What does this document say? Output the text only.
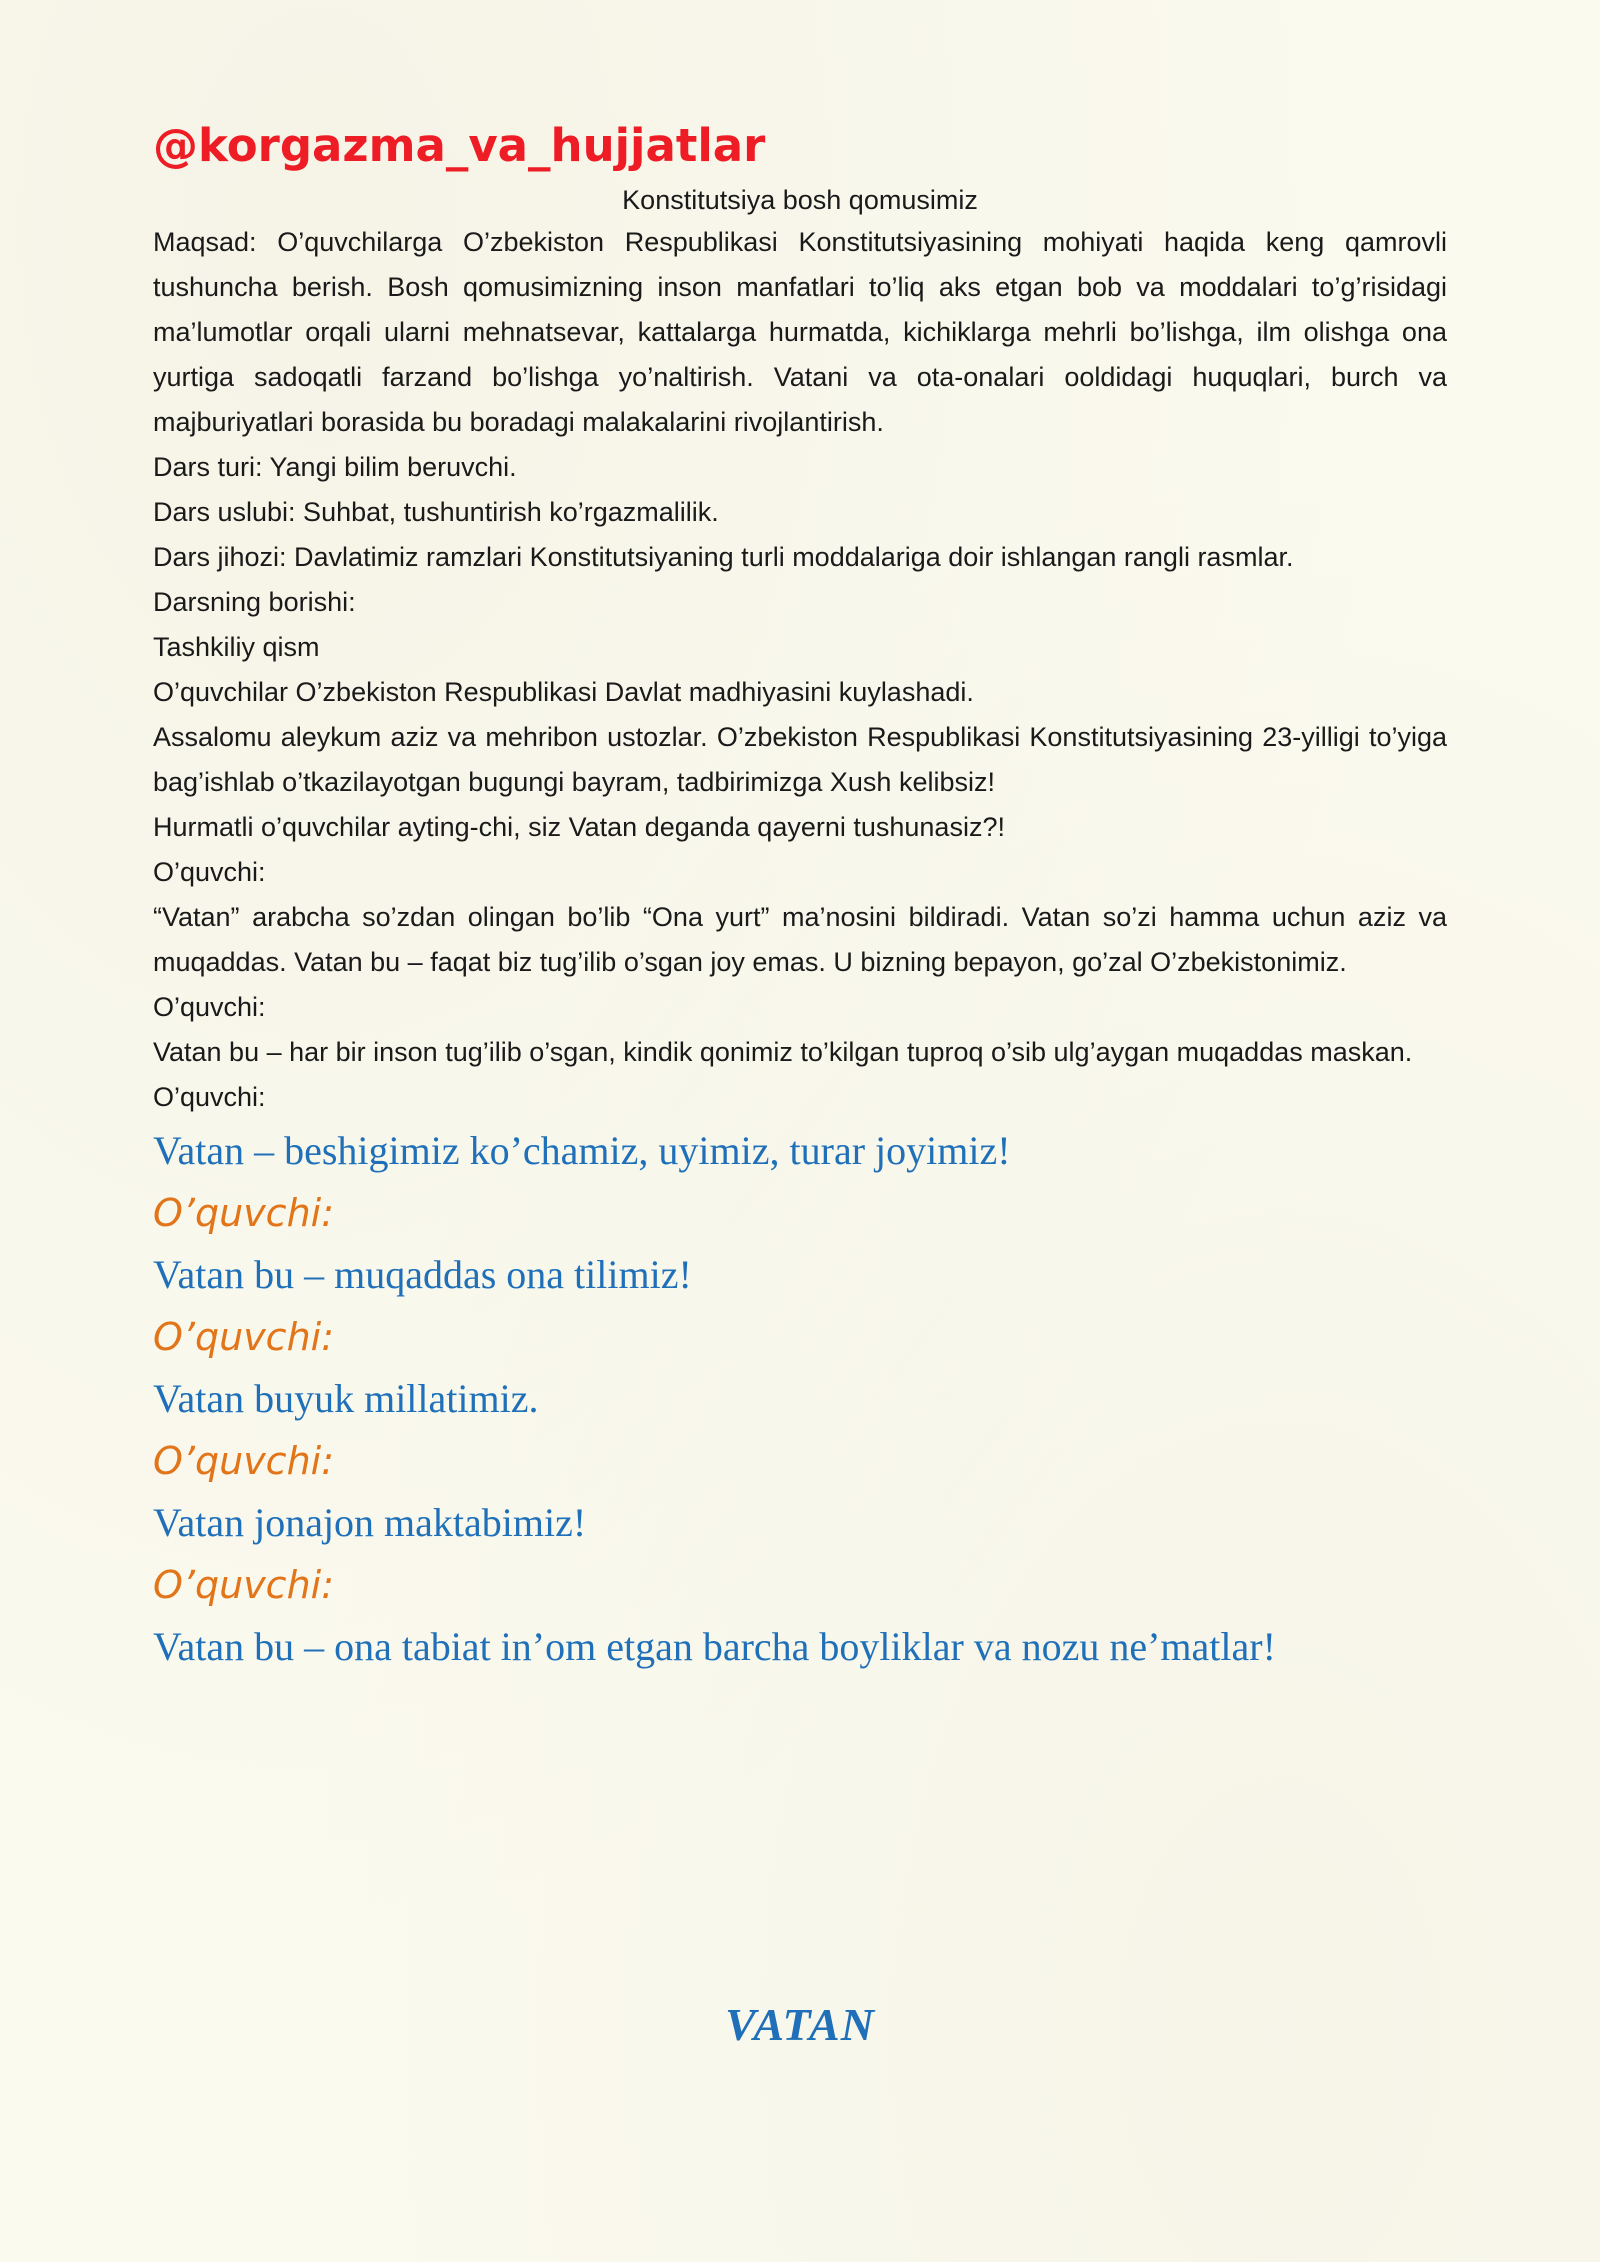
@korgazma_va_hujjatlar
Konstitutsiya bosh qomusimiz

Maqsad: O’quvchilarga O’zbekiston Respublikasi Konstitutsiyasining mohiyati haqida keng qamrovli tushuncha berish. Bosh qomusimizning inson manfatlari to’liq aks etgan bob va moddalari to’g’risidagi ma’lumotlar orqali ularni mehnatsevar, kattalarga hurmatda, kichiklarga mehrli bo’lishga, ilm olishga ona yurtiga sadoqatli farzand bo’lishga yo’naltirish. Vatani va ota-onalari ooldidagi huquqlari, burch va majburiyatlari borasida bu boradagi malakalarini rivojlantirish.

Dars turi: Yangi bilim beruvchi.

Dars uslubi: Suhbat, tushuntirish ko’rgazmalilik.

Dars jihozi: Davlatimiz ramzlari Konstitutsiyaning turli moddalariga doir ishlangan rangli rasmlar.

Darsning borishi:

Tashkiliy qism

O’quvchilar O’zbekiston Respublikasi Davlat madhiyasini kuylashadi.

Assalomu aleykum aziz va mehribon ustozlar. O’zbekiston Respublikasi Konstitutsiyasining 23-yilligi to’yiga bag’ishlab o’tkazilayotgan bugungi bayram, tadbirimizga Xush kelibsiz!

Hurmatli o’quvchilar ayting-chi, siz Vatan deganda qayerni tushunasiz?!

O’quvchi:

“Vatan” arabcha so’zdan olingan bo’lib “Ona yurt” ma’nosini bildiradi. Vatan so’zi hamma uchun aziz va muqaddas. Vatan bu – faqat biz tug’ilib o’sgan joy emas. U bizning bepayon, go’zal O’zbekistonimiz.

O’quvchi:

Vatan bu – har bir inson tug’ilib o’sgan, kindik qonimiz to’kilgan tuproq o’sib ulg’aygan muqaddas maskan.

O’quvchi:

Vatan – beshigimiz ko’chamiz, uyimiz, turar joyimiz!

O’quvchi:

Vatan bu – muqaddas ona tilimiz!

O’quvchi:

Vatan buyuk millatimiz.

O’quvchi:

Vatan jonajon maktabimiz!

O’quvchi:

Vatan bu – ona tabiat in’om etgan barcha boyliklar va nozu ne’matlar!

VATAN
